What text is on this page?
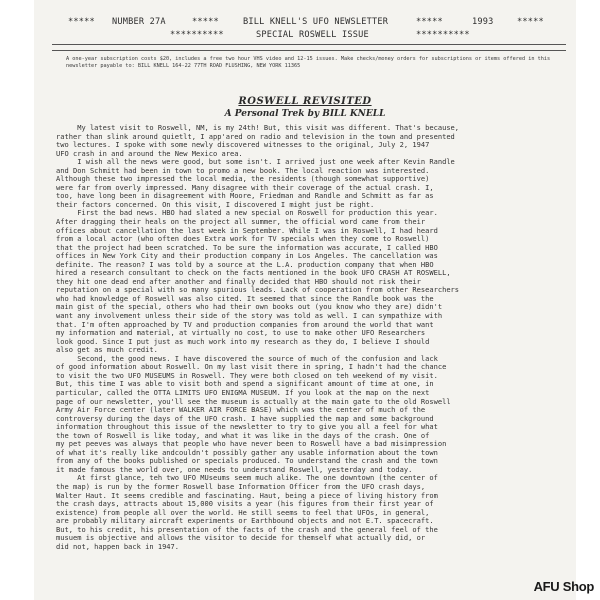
*****

NUMBER 27A

	*****

	BILL KNELL'S UFO NEWSLETTER

	*****

	1993

	*****

**********

	SPECIAL ROSWELL ISSUE

	**********

A one-year subscription costs $20, includes a free two hour VHS video and 12-15 issues. Make checks/money orders for subscriptions or items offered in this newsletter payable to: BILL KNELL 164-22 77TH ROAD FLUSHING, NEW YORK 11365
ROSWELL REVISITED
A Personal Trek by BILL KNELL
My latest visit to Roswell, NM, is my 24th! But, this visit was different. That's because,
rather than slink around quietlt, I app'ared on radio and television in the town and presented
two lectures. I spoke with some newly discovered witnesses to the original, July 2, 1947
UFO crash in and around the New Mexico area.
I wish all the news were good, but some isn't. I arrived just one week after Kevin Randle
and Don Schmitt had been in town to promo a new book. The local reaction was interested.
Although these two impressed the local media, the residents (though somewhat supportive)
were far from overly impressed. Many disagree with their coverage of the actual crash. I,
too, have long been in disagreement with Moore, Friedman and Randle and Schmitt as far as
their factors concerned. On this visit, I discovered I might just be right.
First the bad news. HBO had slated a new special on Roswell for production this year.
After dragging their heals on the project all summer, the official word came from their
offices about cancellation the last week in September. While I was in Roswell, I had heard
from a local actor (who often does Extra work for TV specials when they come to Roswell)
that the project had been scratched. To be sure the information was accurate, I called HBO
offices in New York City and their production company in Los Angeles. The cancellation was
definite. The reason? I was told by a source at the L.A. production company that when HBO
hired a research consultant to check on the facts mentioned in the book UFO CRASH AT ROSWELL,
they hit one dead end after another and finally decided that HBO should not risk their
reputation on a special with so many spurious leads. Lack of cooperation from other Researchers
who had knowledge of Roswell was also cited. It seemed that since the Randle book was the
main gist of the special, others who had their own books out (you know who they are) didn't
want any involvement unless their side of the story was told as well. I can sympathize with
that. I'm often approached by TV and production companies from around the world that want
my information and material, at virtually no cost, to use to make other UFO Researchers
look good. Since I put just as much work into my research as they do, I believe I should
also get as much credit.
Second, the good news. I have discovered the source of much of the confusion and lack
of good information about Roswell. On my last visit there in spring, I hadn't had the chance
to visit the two UFO MUSEUMS in Roswell. They were both closed on teh weekend of my visit.
But, this time I was able to visit both and spend a significant amount of time at one, in
particular, called the OTTA LIMITS UFO ENIGMA MUSEUM. If you look at the map on the next
page of our newsletter, you'll see the museum is actually at the main gate to the old Roswell
Army Air Force center (later WALKER AIR FORCE BASE) which was the center of much of the
controversy during the days of the UFO crash. I have supplied the map and some background
information throughout this issue of the newsletter to try to give you all a feel for what
the town of Roswell is like today, and what it was like in the days of the crash. One of
my pet peeves was always that people who have never been to Roswell have a bad misimpression
of what it's really like andcouldn't possibly gather any usable information about the town
from any of the books published or specials produced. To understand the crash and the town
it made famous the world over, one needs to understand Roswell, yesterday and today.
At first glance, teh two UFO MUseums seem much alike. The one downtown (the center of
the map) is run by the former Roswell base Information Officer from the UFO crash days,
Walter Haut. It seems credible and fascinating. Haut, being a piece of living history from
the crash days, attracts about 15,000 visits a year (his figures from their first year of
existence) from people all over the world. He still seems to feel that UFOs, in general,
are probably military aircraft experiments or Earthbound objects and not E.T. spacecraft.
But, to his credit, his presentation of the facts of the crash and the general feel of the
musuem is objective and allows the visitor to decide for themself what actually did, or
did not, happen back in 1947.
AFU Shop
